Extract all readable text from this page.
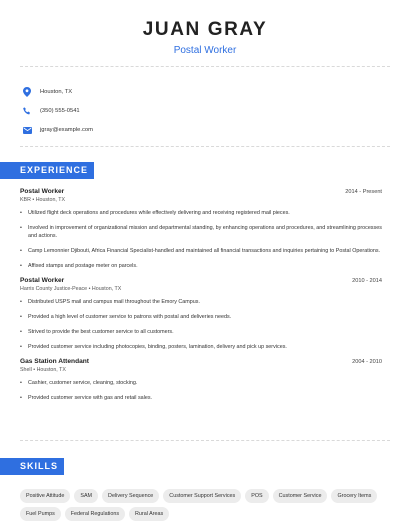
JUAN GRAY
Postal Worker
Houston, TX
(350) 555-0541
jgray@example.com
EXPERIENCE
Postal Worker	2014 - Present
KBR • Houston, TX
•	Utilized flight deck operations and procedures while effectively delivering and receiving registered mail pieces.
•	Involved in improvement of organizational mission and departmental standing, by enhancing operations and procedures, and streamlining processes and actions.
•	Camp Lemonnier Djibouti, Africa Financial Specialist-handled and maintained all financial transactions and inquiries pertaining to Postal Operations.
•	Affixed stamps and postage meter on parcels.
Postal Worker	2010 - 2014
Harris County Justice-Peace • Houston, TX
•	Distributed USPS mail and campus mail throughout the Emory Campus.
•	Provided a high level of customer service to patrons with postal and deliveries needs.
•	Strived to provide the best customer service to all customers.
•	Provided customer service including photocopies, binding, posters, lamination, delivery and pick up services.
Gas Station Attendant	2004 - 2010
Shell • Houston, TX
•	Cashier, customer service, cleaning, stocking.
•	Provided customer service with gas and retail sales.
SKILLS
Positive Attitude	SAM	Delivery Sequence	Customer Support Services	POS	Customer Service	Grocery Items
Fuel Pumps	Federal Regulations	Rural Areas
